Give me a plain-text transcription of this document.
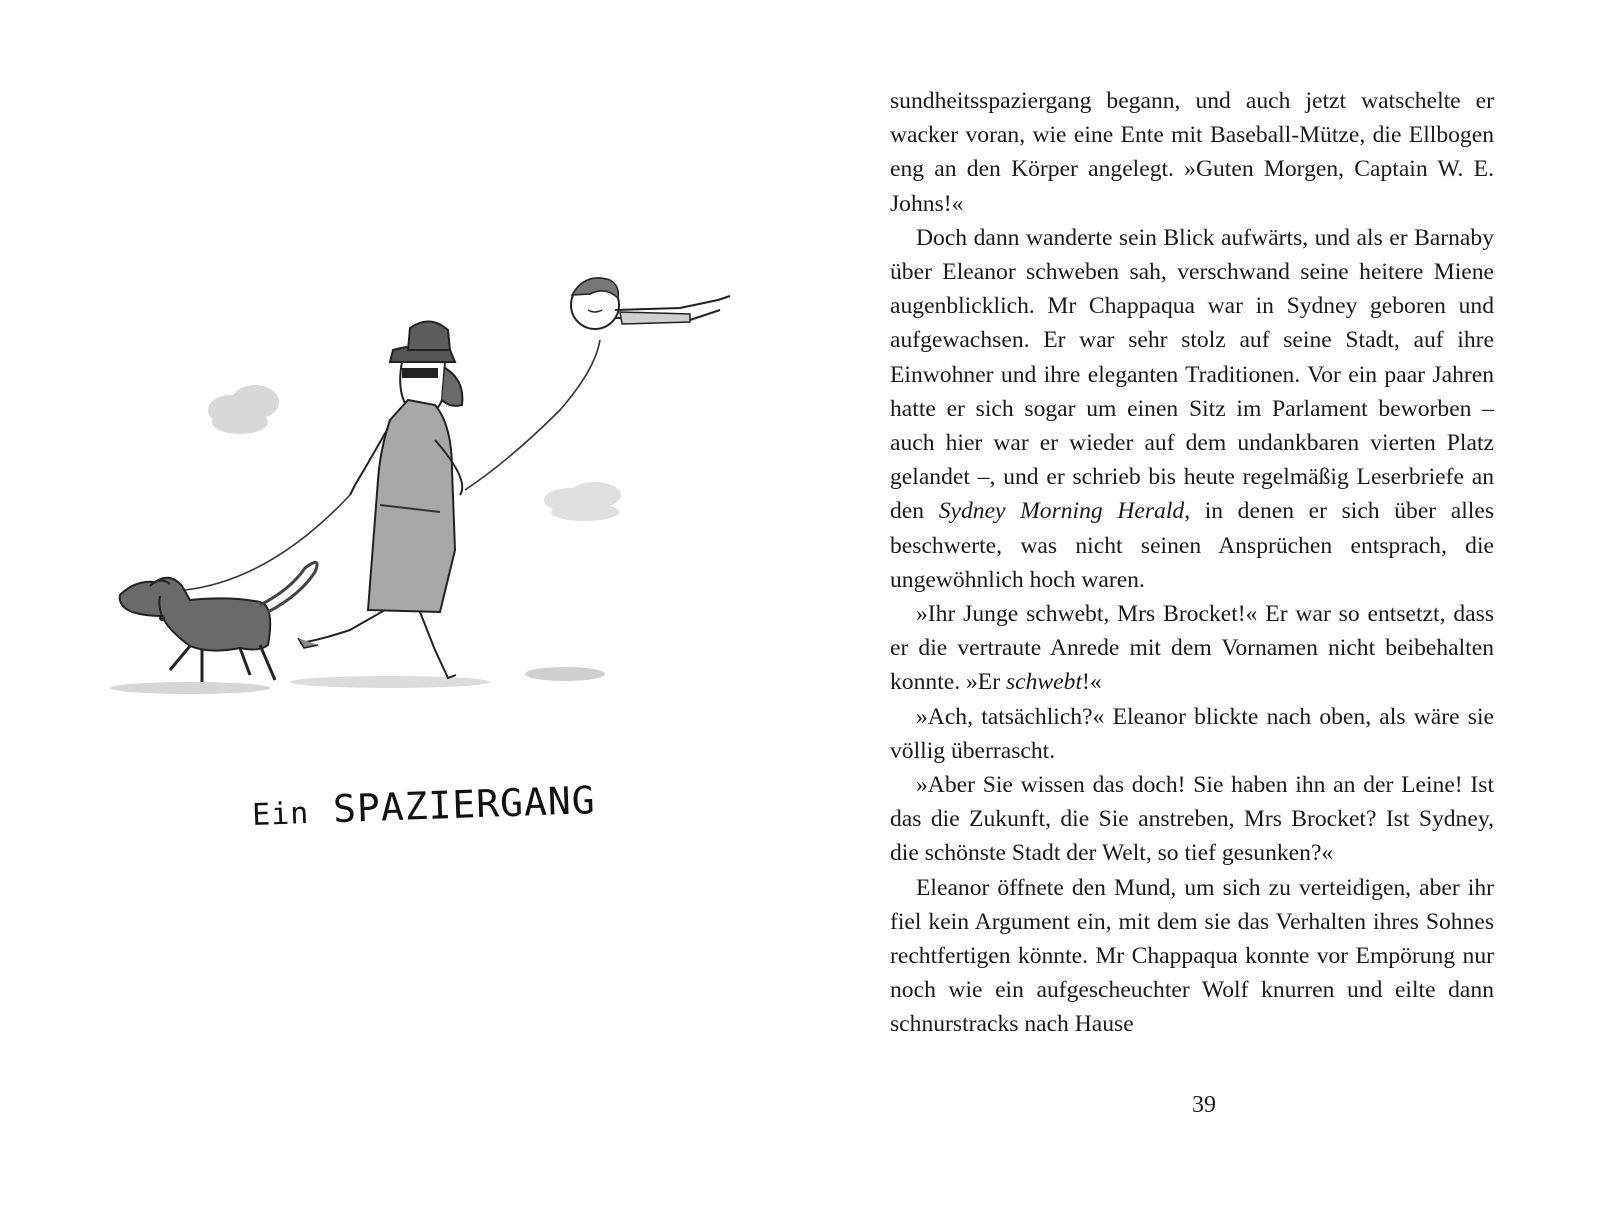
Ein SPAZIERGANG

sundheitsspaziergang begann, und auch jetzt watschelte er wacker voran, wie eine Ente mit Baseball-Mütze, die Ellbogen eng an den Körper angelegt. »Guten Morgen, Captain W. E. Johns!«

Doch dann wanderte sein Blick aufwärts, und als er Barnaby über Eleanor schweben sah, verschwand seine heitere Miene augenblicklich. Mr Chappaqua war in Sydney geboren und aufgewachsen. Er war sehr stolz auf seine Stadt, auf ihre Einwohner und ihre eleganten Traditionen. Vor ein paar Jahren hatte er sich sogar um einen Sitz im Parlament beworben – auch hier war er wieder auf dem undankbaren vierten Platz gelandet –, und er schrieb bis heute regelmäßig Leserbriefe an den Sydney Morning Herald, in denen er sich über alles beschwerte, was nicht seinen Ansprüchen entsprach, die ungewöhnlich hoch waren.

»Ihr Junge schwebt, Mrs Brocket!« Er war so entsetzt, dass er die vertraute Anrede mit dem Vornamen nicht beibehalten konnte. »Er schwebt!«

»Ach, tatsächlich?« Eleanor blickte nach oben, als wäre sie völlig überrascht.

»Aber Sie wissen das doch! Sie haben ihn an der Leine! Ist das die Zukunft, die Sie anstreben, Mrs Brocket? Ist Sydney, die schönste Stadt der Welt, so tief gesunken?«

Eleanor öffnete den Mund, um sich zu verteidigen, aber ihr fiel kein Argument ein, mit dem sie das Verhalten ihres Sohnes rechtfertigen könnte. Mr Chappaqua konnte vor Empörung nur noch wie ein aufgescheuchter Wolf knurren und eilte dann schnurstracks nach Hause

39
